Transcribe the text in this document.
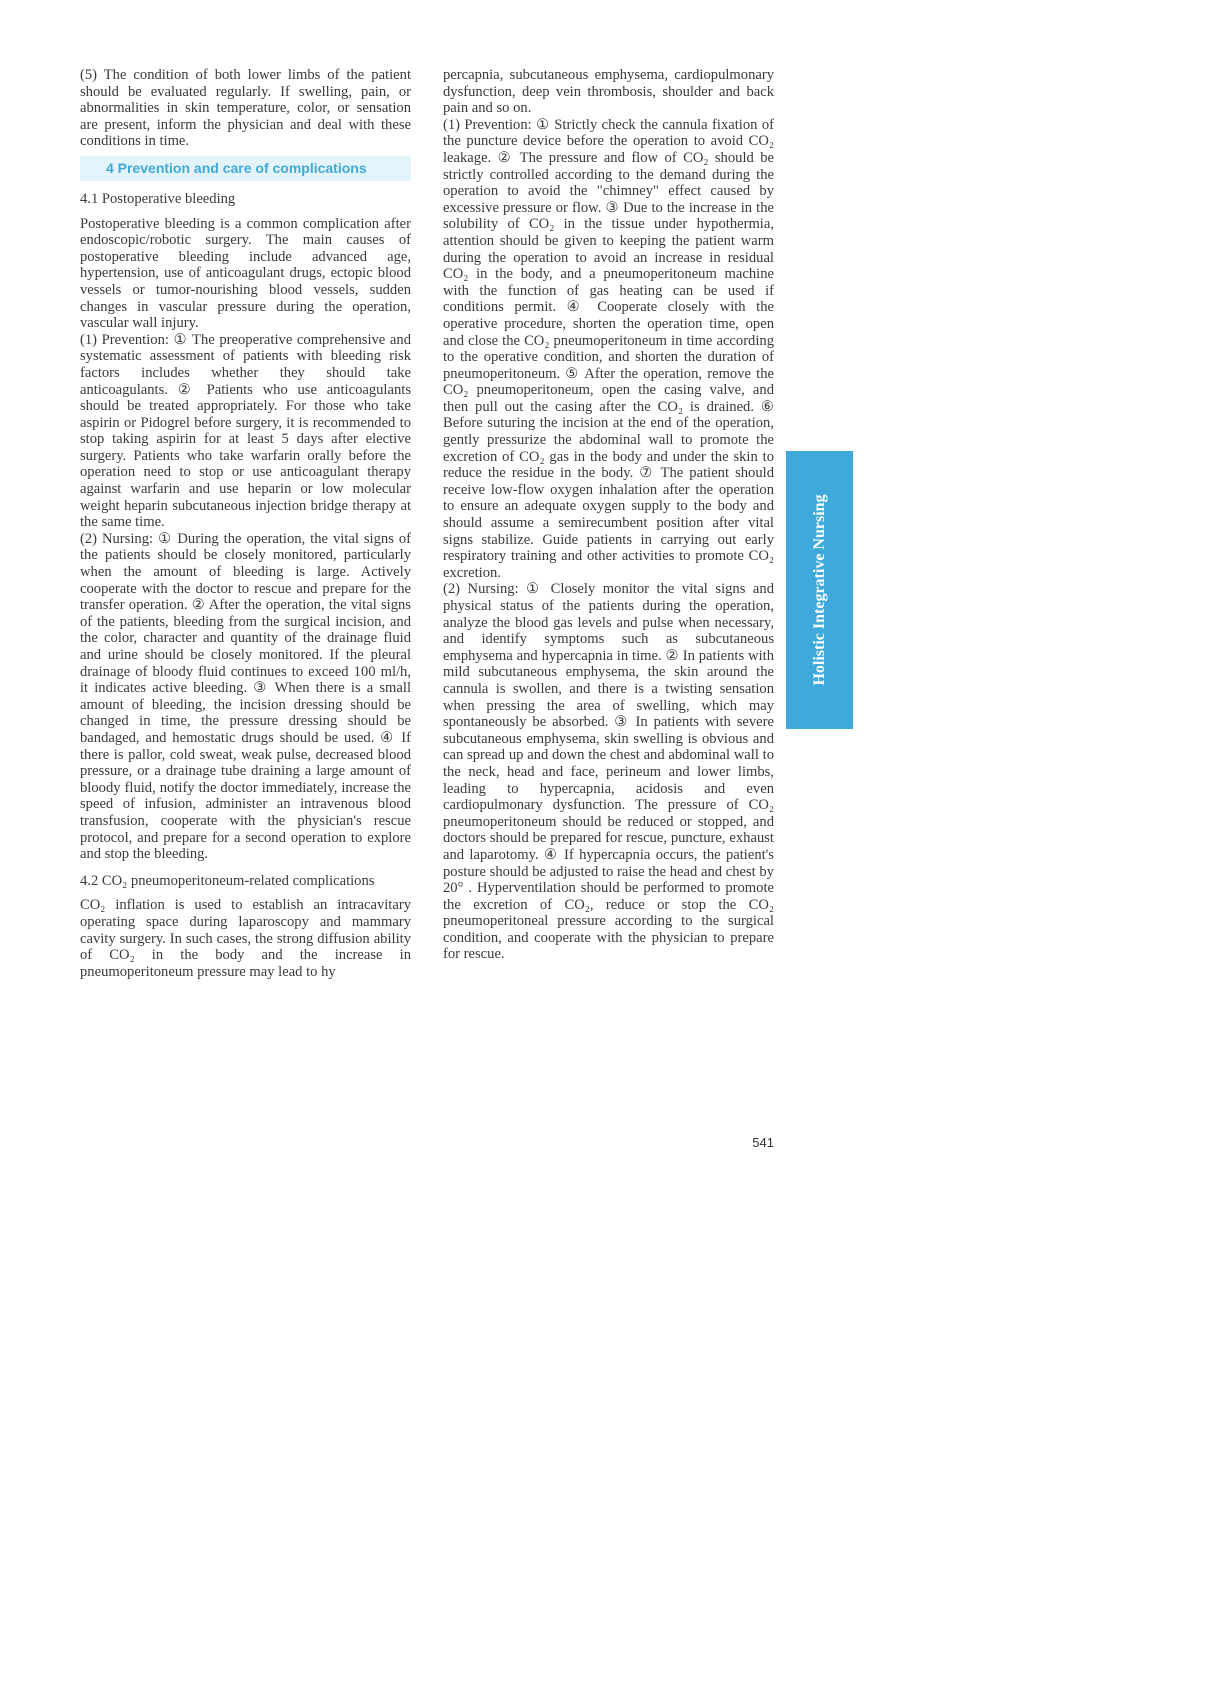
(5) The condition of both lower limbs of the patient should be evaluated regularly. If swelling, pain, or abnormalities in skin temperature, color, or sensation are present, inform the physician and deal with these conditions in time.

4 Prevention and care of complications

4.1 Postoperative bleeding

Postoperative bleeding is a common complication after endoscopic/robotic surgery. The main causes of postoperative bleeding include advanced age, hypertension, use of anticoagulant drugs, ectopic blood vessels or tumor-nourishing blood vessels, sudden changes in vascular pressure during the operation, vascular wall injury.

(1) Prevention: ① The preoperative comprehensive and systematic assessment of patients with bleeding risk factors includes whether they should take anticoagulants. ② Patients who use anticoagulants should be treated appropriately. For those who take aspirin or Pidogrel before surgery, it is recommended to stop taking aspirin for at least 5 days after elective surgery. Patients who take warfarin orally before the operation need to stop or use anticoagulant therapy against warfarin and use heparin or low molecular weight heparin subcutaneous injection bridge therapy at the same time.

(2) Nursing: ① During the operation, the vital signs of the patients should be closely monitored, particularly when the amount of bleeding is large. Actively cooperate with the doctor to rescue and prepare for the transfer operation. ② After the operation, the vital signs of the patients, bleeding from the surgical incision, and the color, character and quantity of the drainage fluid and urine should be closely monitored. If the pleural drainage of bloody fluid continues to exceed 100 ml/h, it indicates active bleeding. ③ When there is a small amount of bleeding, the incision dressing should be changed in time, the pressure dressing should be bandaged, and hemostatic drugs should be used. ④ If there is pallor, cold sweat, weak pulse, decreased blood pressure, or a drainage tube draining a large amount of bloody fluid, notify the doctor immediately, increase the speed of infusion, administer an intravenous blood transfusion, cooperate with the physician's rescue protocol, and prepare for a second operation to explore and stop the bleeding.

4.2 CO₂ pneumoperitoneum-related complications

CO₂ inflation is used to establish an intracavitary operating space during laparoscopy and mammary cavity surgery. In such cases, the strong diffusion ability of CO₂ in the body and the increase in pneumoperitoneum pressure may lead to hy

percapnia, subcutaneous emphysema, cardiopulmonary dysfunction, deep vein thrombosis, shoulder and back pain and so on.

(1) Prevention: ① Strictly check the cannula fixation of the puncture device before the operation to avoid CO₂ leakage. ② The pressure and flow of CO₂ should be strictly controlled according to the demand during the operation to avoid the "chimney" effect caused by excessive pressure or flow. ③ Due to the increase in the solubility of CO₂ in the tissue under hypothermia, attention should be given to keeping the patient warm during the operation to avoid an increase in residual CO₂ in the body, and a pneumoperitoneum machine with the function of gas heating can be used if conditions permit. ④ Cooperate closely with the operative procedure, shorten the operation time, open and close the CO₂ pneumoperitoneum in time according to the operative condition, and shorten the duration of pneumoperitoneum. ⑤ After the operation, remove the CO₂ pneumoperitoneum, open the casing valve, and then pull out the casing after the CO₂ is drained. ⑥ Before suturing the incision at the end of the operation, gently pressurize the abdominal wall to promote the excretion of CO₂ gas in the body and under the skin to reduce the residue in the body. ⑦ The patient should receive low-flow oxygen inhalation after the operation to ensure an adequate oxygen supply to the body and should assume a semirecumbent position after vital signs stabilize. Guide patients in carrying out early respiratory training and other activities to promote CO₂ excretion.

(2) Nursing: ① Closely monitor the vital signs and physical status of the patients during the operation, analyze the blood gas levels and pulse when necessary, and identify symptoms such as subcutaneous emphysema and hypercapnia in time. ② In patients with mild subcutaneous emphysema, the skin around the cannula is swollen, and there is a twisting sensation when pressing the area of swelling, which may spontaneously be absorbed. ③ In patients with severe subcutaneous emphysema, skin swelling is obvious and can spread up and down the chest and abdominal wall to the neck, head and face, perineum and lower limbs, leading to hypercapnia, acidosis and even cardiopulmonary dysfunction. The pressure of CO₂ pneumoperitoneum should be reduced or stopped, and doctors should be prepared for rescue, puncture, exhaust and laparotomy. ④ If hypercapnia occurs, the patient's posture should be adjusted to raise the head and chest by 20° . Hyperventilation should be performed to promote the excretion of CO₂, reduce or stop the CO₂ pneumoperitoneal pressure according to the surgical condition, and cooperate with the physician to prepare for rescue.

Holistic Integrative Nursing
541
